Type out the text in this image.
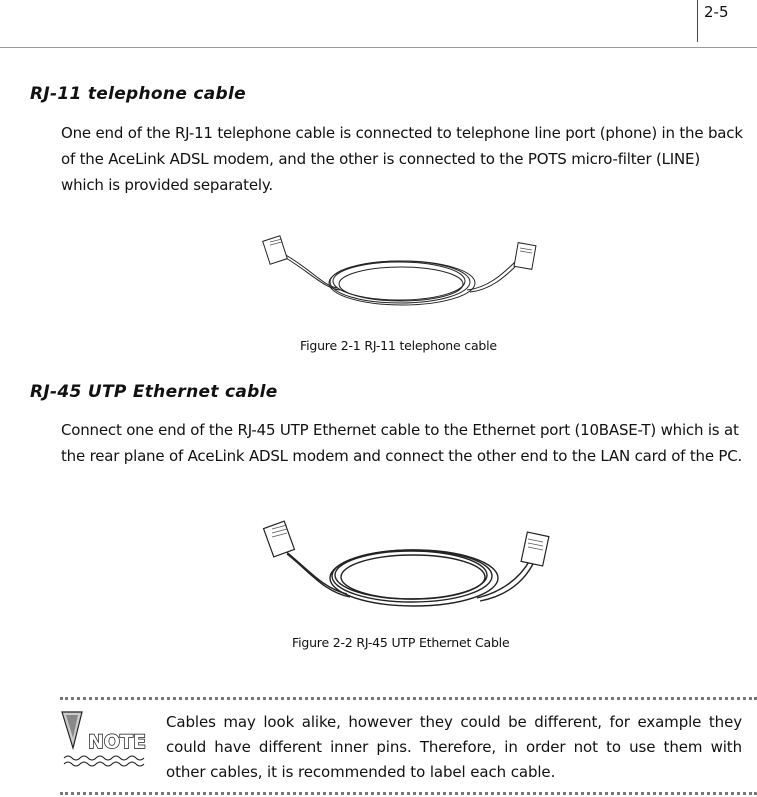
2-5
RJ-11 telephone cable

One end of the RJ-11 telephone cable is connected to telephone line port (phone) in the back of the AceLink ADSL modem, and the other is connected to the POTS micro-filter (LINE) which is provided separately.

Figure 2-1 RJ-11 telephone cable

RJ-45 UTP Ethernet cable

Connect one end of the RJ-45 UTP Ethernet cable to the Ethernet port (10BASE-T) which is at the rear plane of AceLink ADSL modem and connect the other end to the LAN card of the PC.

Figure 2-2 RJ-45 UTP Ethernet Cable

NOTE

Cables may look alike, however they could be different, for example they could have different inner pins. Therefore, in order not to use them with other cables, it is recommended to label each cable.
